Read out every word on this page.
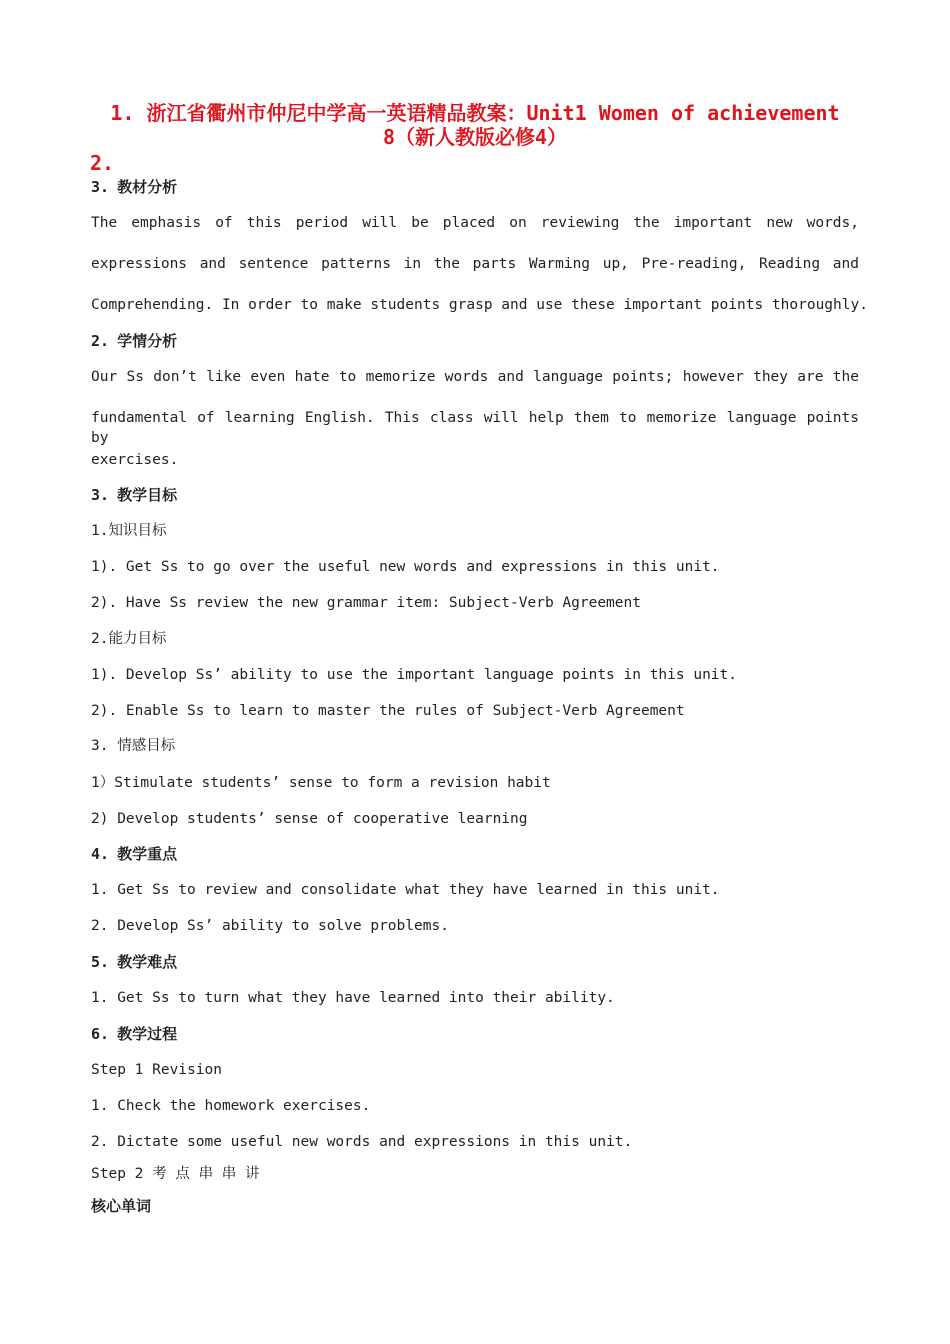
1. 浙江省衢州市仲尼中学高一英语精品教案：Unit1 Women of achievement
8（新人教版必修4）
2.
3. 教材分析
The emphasis of this period will be placed on reviewing the important new words,
expressions and sentence patterns in the parts Warming up, Pre-reading, Reading and
Comprehending. In order to make students grasp and use these important points thoroughly.
2. 学情分析
Our Ss don’t like even hate to memorize words and language points; however they are the
fundamental of learning English. This class will help them to memorize language points by
exercises.
3. 教学目标
1.知识目标
1). Get Ss to go over the useful new words and expressions in this unit.
2). Have Ss review the new grammar item: Subject-Verb Agreement
2.能力目标
1). Develop Ss’ ability to use the important language points in this unit.
2). Enable Ss to learn to master the rules of Subject-Verb Agreement
3. 情感目标
1）Stimulate students’ sense to form a revision habit
2) Develop students’ sense of cooperative learning
4. 教学重点
1. Get Ss to review and consolidate what they have learned in this unit.
2. Develop Ss’ ability to solve problems.
5. 教学难点
1. Get Ss to turn what they have learned into their ability.
6. 教学过程
Step 1 Revision
1. Check the homework exercises.
2. Dictate some useful new words and expressions in this unit.
Step 2 考 点 串 串 讲
核心单词
